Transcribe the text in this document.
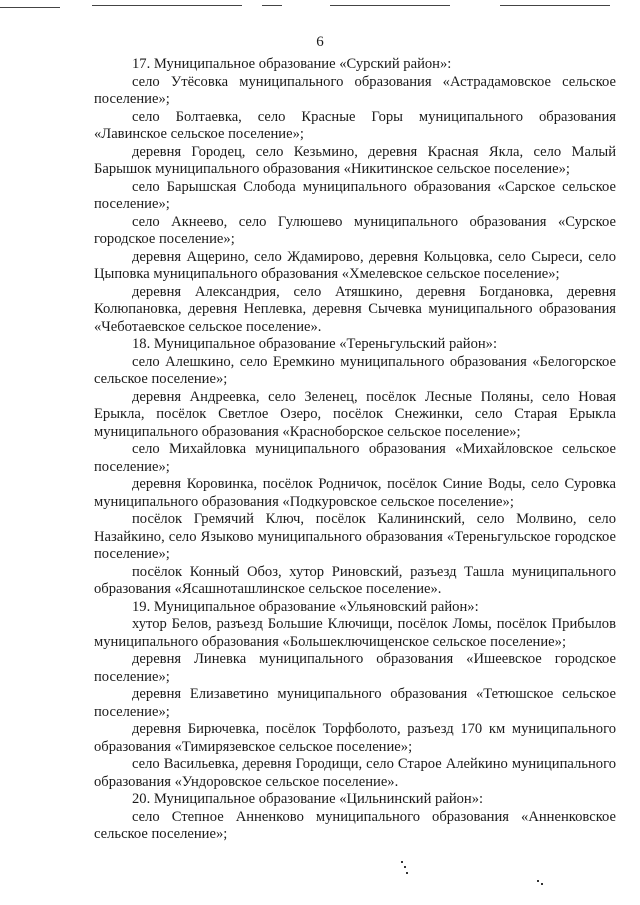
6

17. Муниципальное образование «Сурский район»:

село Утёсовка муниципального образования «Астрадамовское сельское поселение»;

село Болтаевка, село Красные Горы муниципального образования «Лавинское сельское поселение»;

деревня Городец, село Кезьмино, деревня Красная Якла, село Малый Барышок муниципального образования «Никитинское сельское поселение»;

село Барышская Слобода муниципального образования «Сарское сельское поселение»;

село Акнеево, село Гулюшево муниципального образования «Сурское городское поселение»;

деревня Ащерино, село Ждамирово, деревня Кольцовка, село Сыреси, село Цыповка муниципального образования «Хмелевское сельское поселение»;

деревня Александрия, село Атяшкино, деревня Богдановка, деревня Колюпановка, деревня Неплевка, деревня Сычевка муниципального образования «Чеботаевское сельское поселение».

18. Муниципальное образование «Тереньгульский район»:

село Алешкино, село Еремкино муниципального образования «Белогорское сельское поселение»;

деревня Андреевка, село Зеленец, посёлок Лесные Поляны, село Новая Ерыкла, посёлок Светлое Озеро, посёлок Снежинки, село Старая Ерыкла муниципального образования «Красноборское сельское поселение»;

село Михайловка муниципального образования «Михайловское сельское поселение»;

деревня Коровинка, посёлок Родничок, посёлок Синие Воды, село Суровка муниципального образования «Подкуровское сельское поселение»;

посёлок Гремячий Ключ, посёлок Калининский, село Молвино, село Назайкино, село Языково муниципального образования «Тереньгульское городское поселение»;

посёлок Конный Обоз, хутор Риновский, разъезд Ташла муниципального образования «Ясашноташлинское сельское поселение».

19. Муниципальное образование «Ульяновский район»:

хутор Белов, разъезд Большие Ключищи, посёлок Ломы, посёлок Прибылов муниципального образования «Большеключищенское сельское поселение»;

деревня Линевка муниципального образования «Ишеевское городское поселение»;

деревня Елизаветино муниципального образования «Тетюшское сельское поселение»;

деревня Бирючевка, посёлок Торфболото, разъезд 170 км муниципального образования «Тимирязевское сельское поселение»;

село Васильевка, деревня Городищи, село Старое Алейкино муниципального образования «Ундоровское сельское поселение».

20. Муниципальное образование «Цильнинский район»:

село Степное Анненково муниципального образования «Анненковское сельское поселение»;
